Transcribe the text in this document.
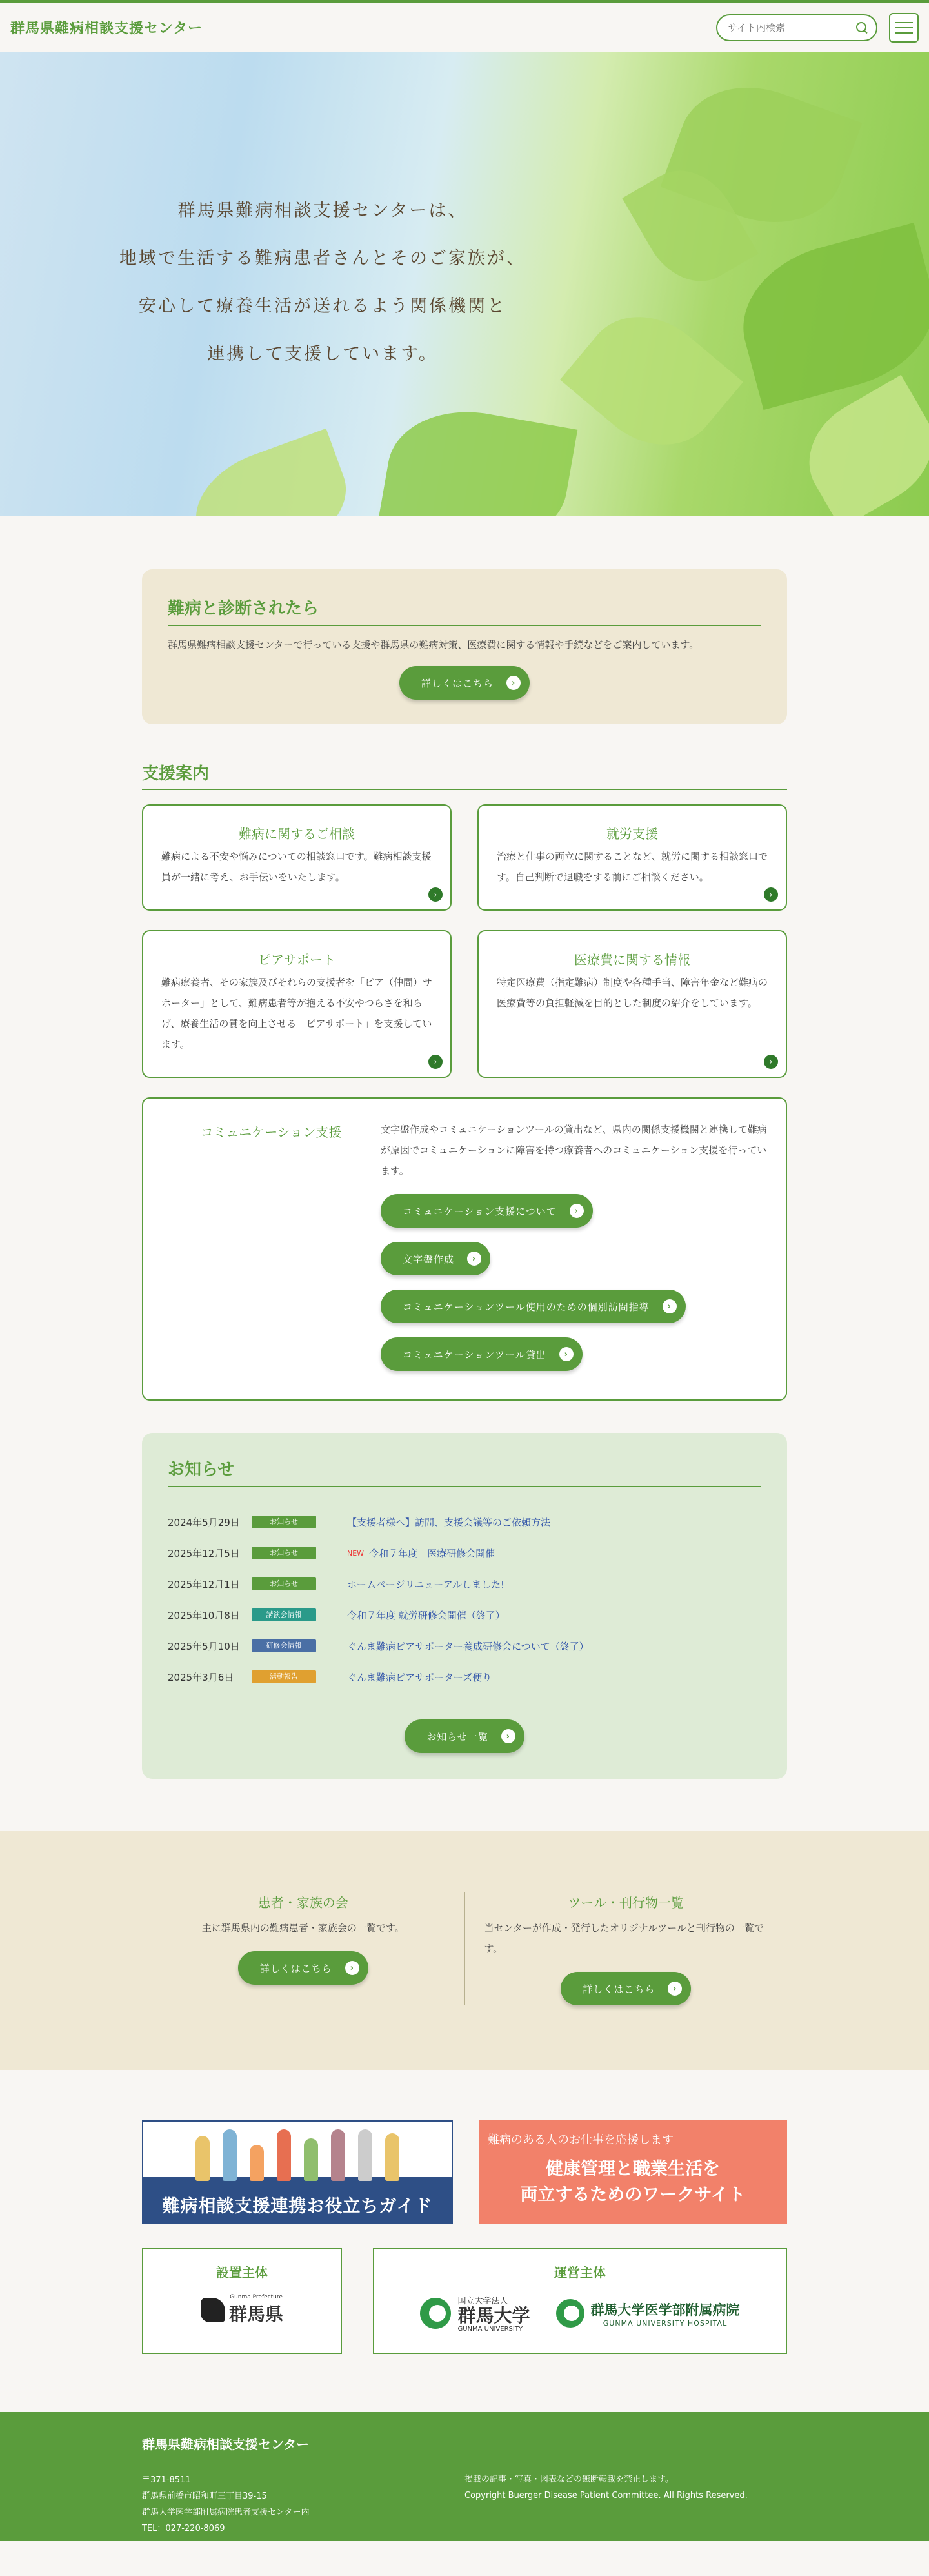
群馬県難病相談支援センター
サイト内検索
群馬県難病相談支援センターは、
地域で生活する難病患者さんとそのご家族が、
安心して療養生活が送れるよう関係機関と
連携して支援しています。
難病と診断されたら

群馬県難病相談支援センターで行っている支援や群馬県の難病対策、医療費に関する情報や手続などをご案内しています。

詳しくはこちら	›
支援案内
難病に関するご相談

難病による不安や悩みについての相談窓口です。難病相談支援員が一緒に考え、お手伝いをいたします。

›
就労支援

治療と仕事の両立に関することなど、就労に関する相談窓口です。自己判断で退職をする前にご相談ください。

›
ピアサポート

難病療養者、その家族及びそれらの支援者を「ピア（仲間）サポーター」として、難病患者等が抱える不安やつらさを和らげ、療養生活の質を向上させる「ピアサポート」を支援しています。

›
医療費に関する情報

特定医療費（指定難病）制度や各種手当、障害年金など難病の医療費等の負担軽減を目的とした制度の紹介をしています。

›
コミュニケーション支援	文字盤作成やコミュニケーションツールの貸出など、県内の関係支援機関と連携して難病が原因でコミュニケーションに障害を持つ療養者へのコミュニケーション支援を行っています。

コミュニケーション支援について	›
文字盤作成	›
コミュニケーションツール使用のための個別訪問指導	›
コミュニケーションツール貸出	›
お知らせ
2024年5月29日	お知らせ	【支援者様へ】訪問、支援会議等のご依頼方法
2025年12月5日	お知らせ	NEW 令和７年度　医療研修会開催
2025年12月1日	お知らせ	ホームページリニューアルしました!
2025年10月8日	講演会情報	令和７年度 就労研修会開催（終了）
2025年5月10日	研修会情報	ぐんま難病ピアサポーター養成研修会について（終了）
2025年3月6日	活動報告	ぐんま難病ピアサポーターズ便り
お知らせ一覧	›
患者・家族の会

主に群馬県内の難病患者・家族会の一覧です。

詳しくはこちら	›
ツール・刊行物一覧

当センターが作成・発行したオリジナルツールと刊行物の一覧です。

詳しくはこちら	›
難病相談支援連携お役立ちガイド
難病のある人のお仕事を応援します
健康管理と職業生活を
両立するためのワークサイト
設置主体
Gunma Prefecture
群馬県
運営主体
国立大学法人
群馬大学
GUNMA UNIVERSITY
群馬大学医学部附属病院
GUNMA UNIVERSITY HOSPITAL
群馬県難病相談支援センター
〒371-8511
群馬県前橋市昭和町三丁目39-15
群馬大学医学部附属病院患者支援センター内
TEL：027-220-8069
掲載の記事・写真・図表などの無断転載を禁止します。
Copyright Buerger Disease Patient Committee. All Rights Reserved.
